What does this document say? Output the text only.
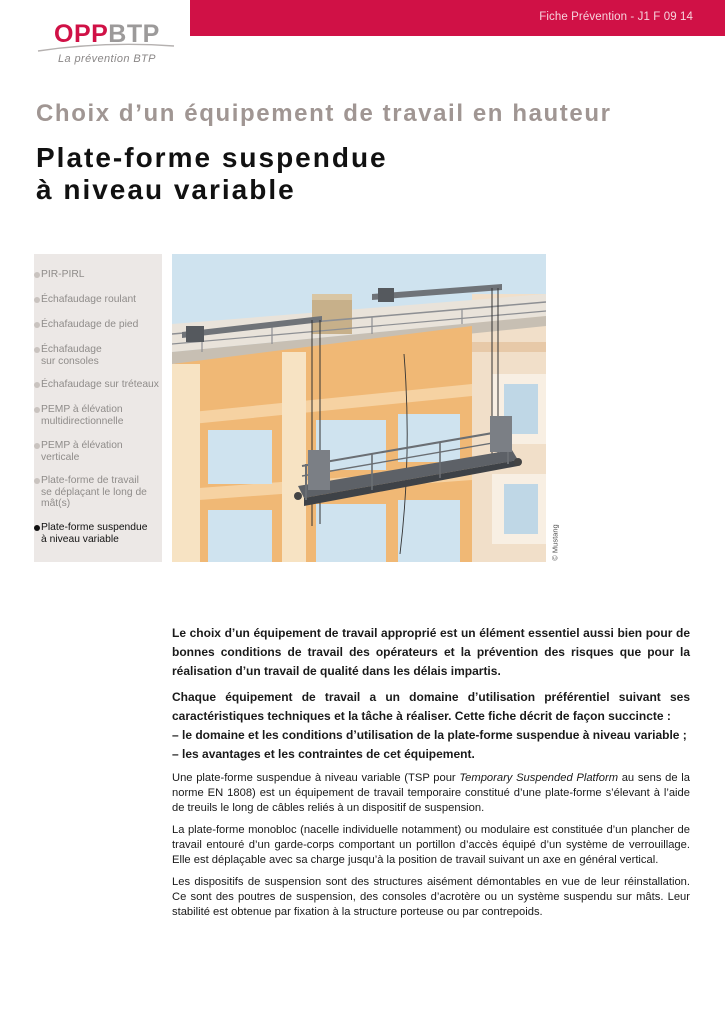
Fiche Prévention - J1 F 09 14
OPPBTP
La prévention BTP
Choix d’un équipement de travail en hauteur
Plate-forme suspendue
à niveau variable
PIR-PIRL
Échafaudage roulant
Échafaudage de pied
Échafaudage
sur consoles
Échafaudage sur tréteaux
PEMP à élévation
multidirectionnelle
PEMP à élévation
verticale
Plate-forme de travail
se déplaçant le long de
mât(s)
Plate-forme suspendue
à niveau variable	© Mustang

Le choix d’un équipement de travail approprié est un élément essentiel aussi bien pour de bonnes conditions de travail des opérateurs et la prévention des risques que pour la réalisation d’un travail de qualité dans les délais impartis.

Chaque équipement de travail a un domaine d’utilisation préférentiel suivant ses caractéristiques techniques et la tâche à réaliser. Cette fiche décrit de façon succincte :
– le domaine et les conditions d’utilisation de la plate-forme suspendue à niveau variable ;
– les avantages et les contraintes de cet équipement.

Une plate-forme suspendue à niveau variable (TSP pour Temporary Suspended Platform au sens de la norme EN 1808) est un équipement de travail temporaire constitué d’une plate-forme s’élevant à l’aide de treuils le long de câbles reliés à un dispositif de suspension.

La plate-forme monobloc (nacelle individuelle notamment) ou modulaire est constituée d’un plancher de travail entouré d’un garde-corps comportant un portillon d’accès équipé d’un système de verrouillage. Elle est déplaçable avec sa charge jusqu’à la position de travail suivant un axe en général vertical.

Les dispositifs de suspension sont des structures aisément démontables en vue de leur réinstallation. Ce sont des poutres de suspension, des consoles d’acrotère ou un système suspendu sur mâts. Leur stabilité est obtenue par fixation à la structure porteuse ou par contrepoids.
